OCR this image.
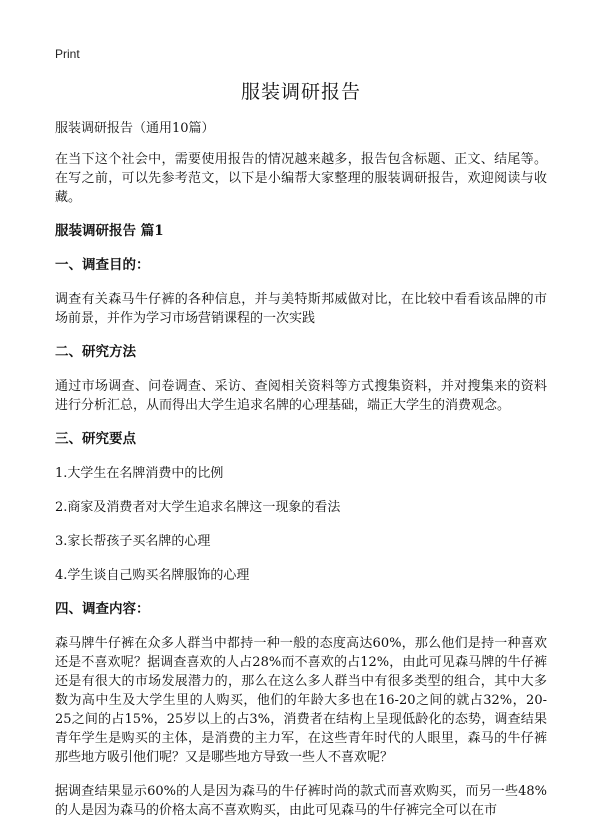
Print
服装调研报告
服装调研报告（通用10篇）

在当下这个社会中，需要使用报告的情况越来越多，报告包含标题、正文、结尾等。在写之前，可以先参考范文，以下是小编帮大家整理的服装调研报告，欢迎阅读与收藏。

服装调研报告 篇1
一、调查目的：

调查有关森马牛仔裤的各种信息，并与美特斯邦威做对比，在比较中看看该品牌的市场前景，并作为学习市场营销课程的一次实践

二、研究方法

通过市场调查、问卷调查、采访、查阅相关资料等方式搜集资料，并对搜集来的资料进行分析汇总，从而得出大学生追求名牌的心理基础，端正大学生的消费观念。

三、研究要点
1.大学生在名牌消费中的比例
2.商家及消费者对大学生追求名牌这一现象的看法
3.家长帮孩子买名牌的心理
4.学生谈自己购买名牌服饰的心理
四、调查内容：

森马牌牛仔裤在众多人群当中都持一种一般的态度高达60%，那么他们是持一种喜欢还是不喜欢呢？据调查喜欢的人占28%而不喜欢的占12%，由此可见森马牌的牛仔裤还是有很大的市场发展潜力的，那么在这么多人群当中有很多类型的组合，其中大多数为高中生及大学生里的人购买，他们的年龄大多也在16-20之间的就占32%，20-25之间的占15%，25岁以上的占3%，消费者在结构上呈现低龄化的态势，调查结果青年学生是购买的主体，是消费的主力军，在这些青年时代的人眼里，森马的牛仔裤那些地方吸引他们呢？又是哪些地方导致一些人不喜欢呢？

据调查结果显示60%的人是因为森马的牛仔裤时尚的款式而喜欢购买，而另一些48%的人是因为森马的价格太高不喜欢购买，由此可见森马的牛仔裤完全可以在市
